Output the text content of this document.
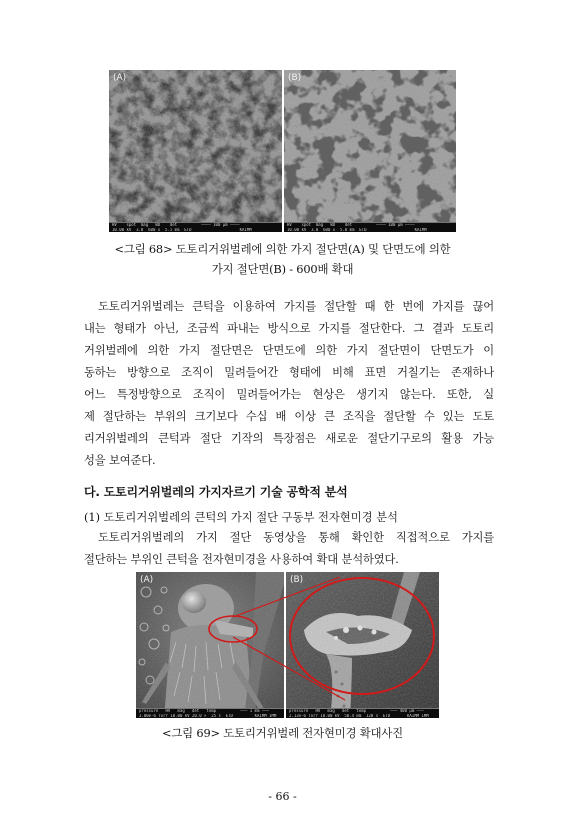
(A)
HV    spot  mag   WD    det          ———— 100 μm ————
10.00 kV  3.0  600 x  5.1 mm  ETD                    KAIMM
(B)
HV    spot  mag   WD    det          ———— 100 μm ————
10.00 kV  3.0  600 x  5.0 mm  ETD                    KAIMM
<그림 68> 도토리거위벌레에 의한 가지 절단면(A) 및 단면도에 의한
가지 절단면(B) - 600배 확대
도토리거위벌레는 큰턱을 이용하여 가지를 절단할 때 한 번에 가지를 끊어
내는 형태가 아닌, 조금씩 파내는 방식으로 가지를 절단한다. 그 결과 도토리
거위벌레에 의한 가지 절단면은 단면도에 의한 가지 절단면이 단면도가 이
동하는 방향으로 조직이 밀려들어간 형태에 비해 표면 거칠기는 존재하나
어느 특정방향으로 조직이 밀려들어가는 현상은 생기지 않는다. 또한, 실
제 절단하는 부위의 크기보다 수십 배 이상 큰 조직을 절단할 수 있는 도토
리거위벌레의 큰턱과 절단 기작의 특장점은 새로운 절단기구로의 활용 가능
성을 보여준다.
다. 도토리거위벌레의 가지자르기 기술 공학적 분석
(1) 도토리거위벌레의 큰턱의 가지 절단 구동부 전자현미경 분석
도토리거위벌레의 가지 절단 동영상을 통해 확인한 직접적으로 가지를
절단하는 부위인 큰턱을 전자현미경을 사용하여 확대 분석하였다.
(A)
pressure   HV   mag   det   temp          ——— 1 mm ———
3.00e-6 Torr 10.00 kV 20.0 ×  25 s  ETD         KAIMM IMM
(B)
pressure   HV   mag   det   temp          ——— 400 μm ———
2.13e-6 Torr 10.00 kV  50.4 mm  120 s  ETD       KAIMM IMM
<그림 69> 도토리거위벌레 전자현미경 확대사진
- 66 -
